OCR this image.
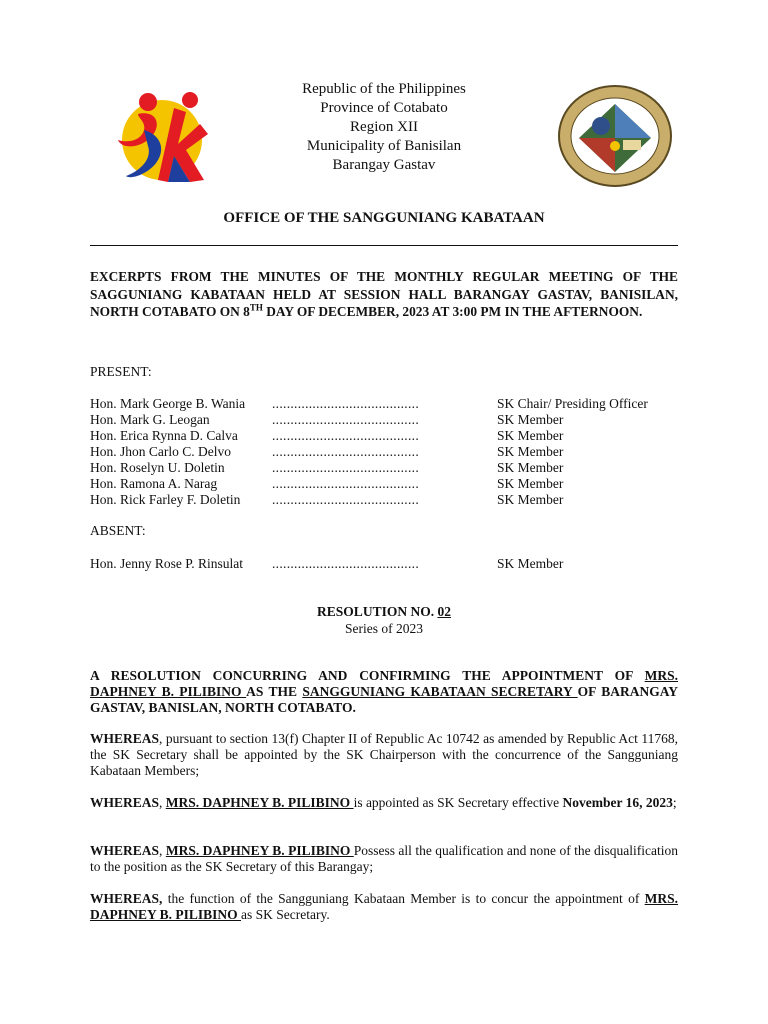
Republic of the Philippines
Province of Cotabato
Region XII
Municipality of Banisilan
Barangay Gastav
OFFICE OF THE SANGGUNIANG KABATAAN
EXCERPTS FROM THE MINUTES OF THE MONTHLY REGULAR MEETING OF THE SAGGUNIANG KABATAAN HELD AT SESSION HALL BARANGAY GASTAV, BANISILAN, NORTH COTABATO ON 8TH DAY OF DECEMBER, 2023 AT 3:00 PM IN THE AFTERNOON.
PRESENT:
Hon. Mark George B. Wania	........................................	SK Chair/ Presiding Officer
Hon. Mark G. Leogan	........................................	SK Member
Hon. Erica Rynna D. Calva	........................................	SK Member
Hon. Jhon Carlo C. Delvo	........................................	SK Member
Hon. Roselyn U. Doletin	........................................	SK Member
Hon. Ramona A. Narag	........................................	SK Member
Hon. Rick Farley F. Doletin	........................................	SK Member
ABSENT:
Hon. Jenny Rose P. Rinsulat	........................................	SK Member
RESOLUTION NO. 02
Series of 2023
A RESOLUTION CONCURRING AND CONFIRMING THE APPOINTMENT OF MRS. DAPHNEY B. PILIBINO AS THE SANGGUNIANG KABATAAN SECRETARY OF BARANGAY GASTAV, BANISLAN, NORTH COTABATO.
WHEREAS, pursuant to section 13(f) Chapter II of Republic Ac 10742 as amended by Republic Act 11768, the SK Secretary shall be appointed by the SK Chairperson with the concurrence of the Sangguniang Kabataan Members;
WHEREAS, MRS. DAPHNEY B. PILIBINO is appointed as SK Secretary effective November 16, 2023;
WHEREAS, MRS. DAPHNEY B. PILIBINO Possess all the qualification and none of the disqualification to the position as the SK Secretary of this Barangay;
WHEREAS, the function of the Sangguniang Kabataan Member is to concur the appointment of MRS. DAPHNEY B. PILIBINO as SK Secretary.
